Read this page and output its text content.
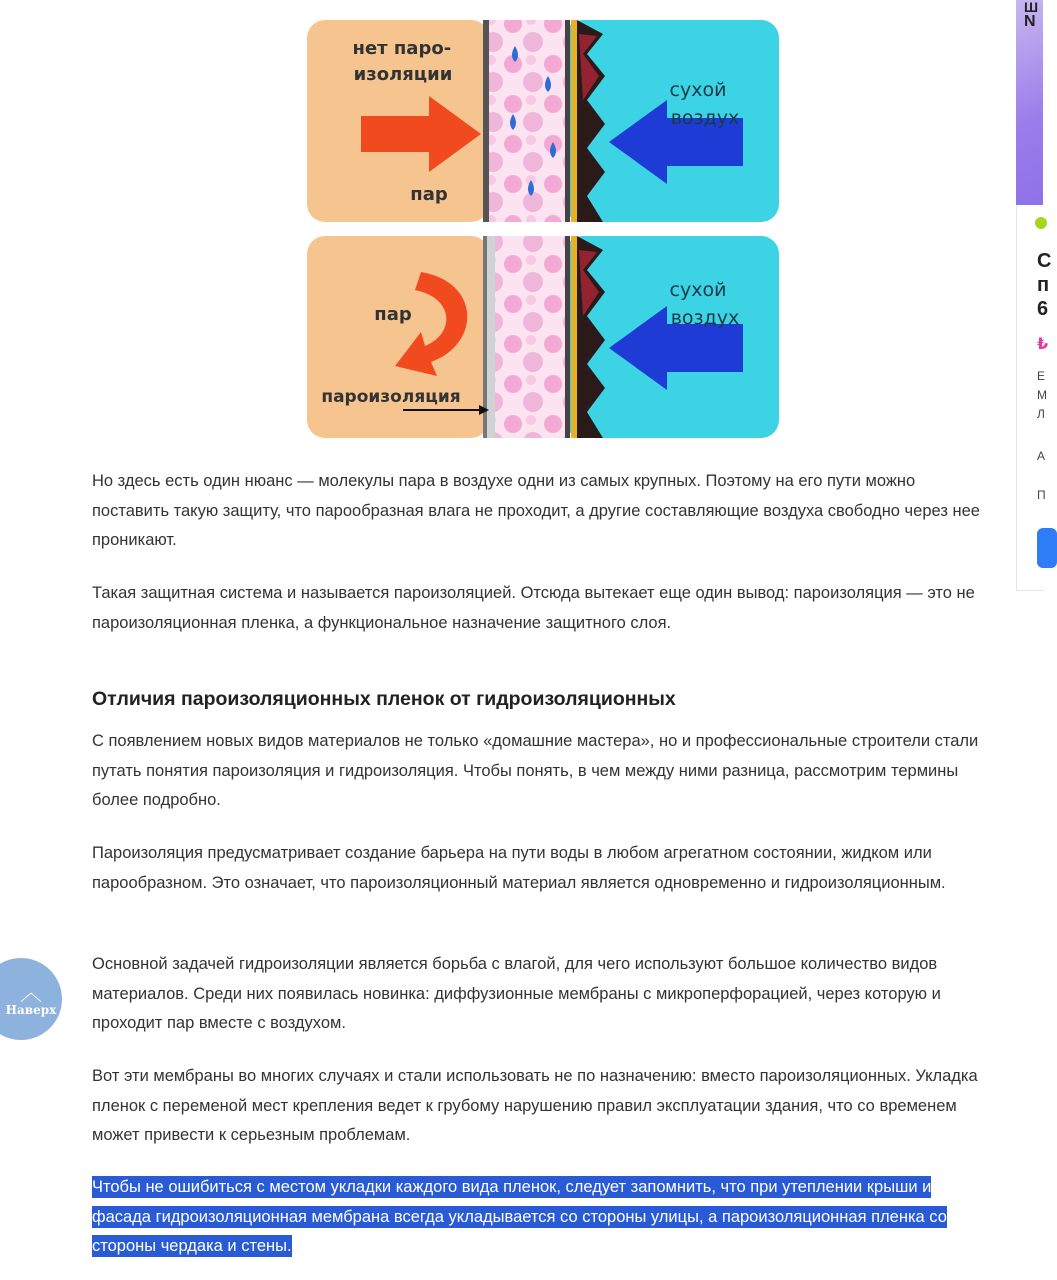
нет паро- изоляции
пар
сухой воздух
пар
пароизоляция
сухой воздух

Но здесь есть один нюанс — молекулы пара в воздухе одни из самых крупных. Поэтому на его пути можно поставить такую защиту, что парообразная влага не проходит, а другие составляющие воздуха свободно через нее проникают.

Такая защитная система и называется пароизоляцией. Отсюда вытекает еще один вывод: пароизоляция — это не пароизоляционная пленка, а функциональное назначение защитного слоя.

Отличия пароизоляционных пленок от гидроизоляционных

С появлением новых видов материалов не только «домашние мастера», но и профессиональные строители стали путать понятия пароизоляция и гидроизоляция. Чтобы понять, в чем между ними разница, рассмотрим термины более подробно.

Пароизоляция предусматривает создание барьера на пути воды в любом агрегатном состоянии, жидком или парообразном. Это означает, что пароизоляционный материал является одновременно и гидроизоляционным.

Основной задачей гидроизоляции является борьба с влагой, для чего используют большое количество видов материалов. Среди них появилась новинка: диффузионные мембраны с микроперфорацией, через которую и проходит пар вместе с воздухом.

Вот эти мембраны во многих случаях и стали использовать не по назначению: вместо пароизоляционных. Укладка пленок с переменой мест крепления ведет к грубому нарушению правил эксплуатации здания, что со временем может привести к серьезным проблемам.

Чтобы не ошибиться с местом укладки каждого вида пленок, следует запомнить, что при утеплении крыши и фасада гидроизоляционная мембрана всегда укладывается со стороны улицы, а пароизоляционная пленка со стороны чердака и стены.

︿
Наверх
Ш
N
С
п
6
₺
Е
М
Л
А
П
